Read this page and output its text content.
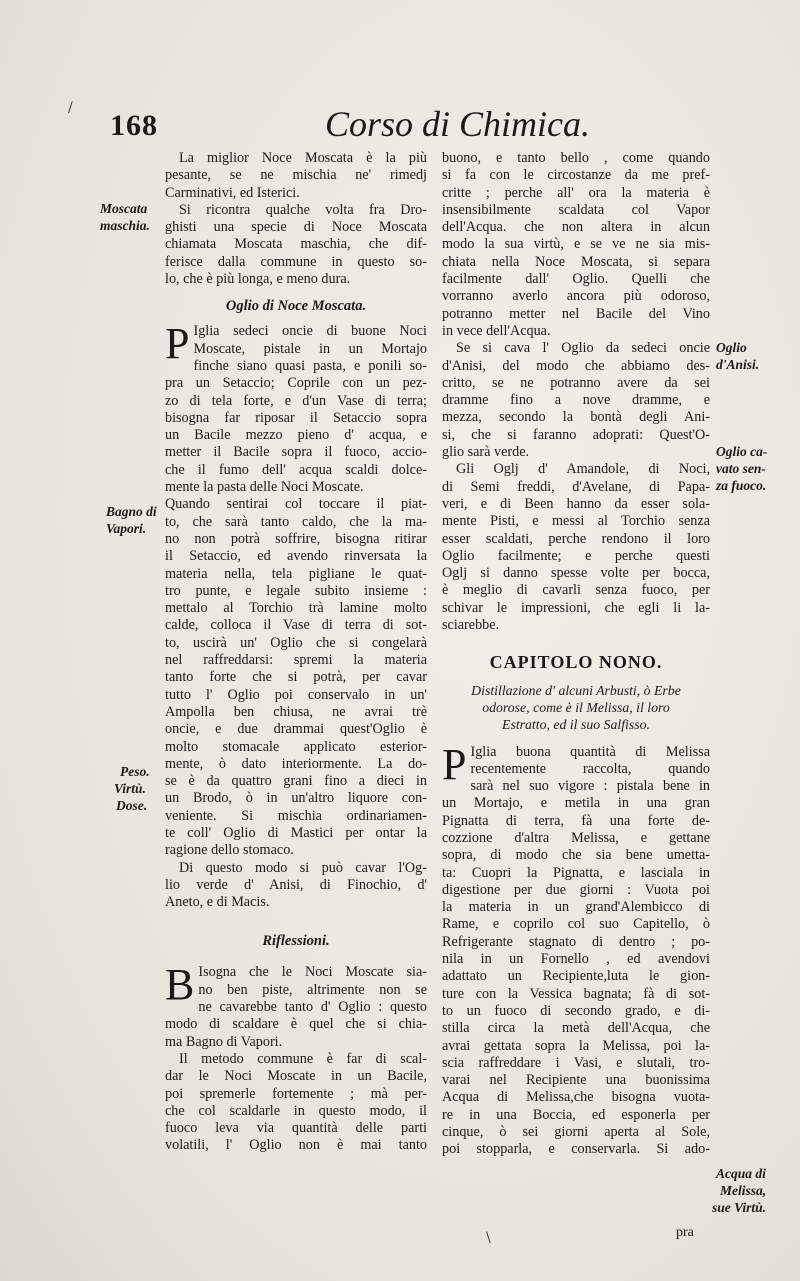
168	Corso di Chimica.
La miglior Noce Moscata è la più
pesante, se ne mischia ne' rimedj
Carminativi, ed Isterici.
Si ricontra qualche volta fra Dro-
ghisti una specie di Noce Moscata
chiamata Moscata maschia, che dif-
ferisce dalla commune in questo so-
lo, che è più longa, e meno dura.
Oglio di Noce Moscata.
P Iglia sedeci oncie di buone Noci
Moscate, pistale in un Mortajo
finche siano quasi pasta, e ponili so-
pra un Setaccio; Coprile con un pez-
zo di tela forte, e d'un Vase di terra;
bisogna far riposar il Setaccio sopra
un Bacile mezzo pieno d' acqua, e
metter il Bacile sopra il fuoco, accio-
che il fumo dell' acqua scaldi dolce-
mente la pasta delle Noci Moscate.
Quando sentirai col toccare il piat-
to, che sarà tanto caldo, che la ma-
no non potrà soffrire, bisogna ritirar
il Setaccio, ed avendo rinversata la
materia nella, tela pigliane le quat-
tro punte, e legale subito insieme :
mettalo al Torchio trà lamine molto
calde, colloca il Vase di terra di sot-
to, uscirà un' Oglio che si congelarà
nel raffreddarsi: spremi la materia
tanto forte che si potrà, per cavar
tutto l' Oglio poi conservalo in un'
Ampolla ben chiusa, ne avrai trè
oncie, e due drammai quest'Oglio è
molto stomacale applicato esterior-
mente, ò dato interiormente. La do-
se è da quattro grani fino a dieci in
un Brodo, ò in un'altro liquore con-
veniente. Si mischia ordinariamen-
te coll' Oglio di Mastici per ontar la
ragione dello stomaco.
Di questo modo si può cavar l'Og-
lio verde d' Anisi, di Finochio, d'
Aneto, e di Macis.
Riflessioni.
B Isogna che le Noci Moscate sia-
no ben piste, altrimente non se
ne cavarebbe tanto d' Oglio : questo
modo di scaldare è quel che si chia-
ma Bagno di Vapori.
Il metodo commune è far di scal-
dar le Noci Moscate in un Bacile,
poi spremerle fortemente ; mà per-
che col scaldarle in questo modo, il
fuoco leva via quantità delle parti
volatili, l' Oglio non è mai tanto
buono, e tanto bello , come quando
si fa con le circostanze da me pref-
critte ; perche all' ora la materia è
insensibilmente scaldata col Vapor
dell'Acqua. che non altera in alcun
modo la sua virtù, e se ve ne sia mis-
chiata nella Noce Moscata, si separa
facilmente dall' Oglio. Quelli che
vorranno averlo ancora più odoroso,
potranno metter nel Bacile del Vino
in vece dell'Acqua.
Se si cava l' Oglio da sedeci oncie
d'Anisi, del modo che abbiamo des-
critto, se ne potranno avere da sei
dramme fino a nove dramme, e
mezza, secondo la bontà degli Ani-
si, che si faranno adoprati: Quest'O-
glio sarà verde.
Gli Oglj d' Amandole, di Noci,
di Semi freddi, d'Avelane, di Papa-
veri, e di Been hanno da esser sola-
mente Pisti, e messi al Torchio senza
esser scaldati, perche rendono il loro
Oglio facilmente; e perche questi
Oglj si danno spesse volte per bocca,
è meglio di cavarli senza fuoco, per
schivar le impressioni, che egli li la-
sciarebbe.
CAPITOLO NONO.
Distillazione d' alcuni Arbusti, ò Erbe
odorose, come è il Melissa, il loro
Estratto, ed il suo Salfisso.
P Iglia buona quantità di Melissa
recentemente raccolta, quando
sarà nel suo vigore : pistala bene in
un Mortajo, e metila in una gran
Pignatta di terra, fà una forte de-
cozzione d'altra Melissa, e gettane
sopra, di modo che sia bene umetta-
ta: Cuopri la Pignatta, e lasciala in
digestione per due giorni : Vuota poi
la materia in un grand'Alembicco di
Rame, e coprilo col suo Capitello, ò
Refrigerante stagnato di dentro ; po-
nila in un Fornello , ed avendovi
adattato un Recipiente,luta le gion-
ture con la Vessica bagnata; fà di sot-
to un fuoco di secondo grado, e di-
stilla circa la metà dell'Acqua, che
avrai gettata sopra la Melissa, poi la-
scia raffreddare i Vasi, e slutali, tro-
varai nel Recipiente una buonissima
Acqua di Melissa,che bisogna vuota-
re in una Boccia, ed esponerla per
cinque, ò sei giorni aperta al Sole,
poi stopparla, e conservarla. Si ado-
pra
Moscata
maschia.
Bagno di
Vapori.
Peso.
Virtù.
Dose.
Oglio
d'Anisi.
Oglio ca-
vato sen-
za fuoco.
Acqua di
Melissa,
sue Virtù.
/
\
